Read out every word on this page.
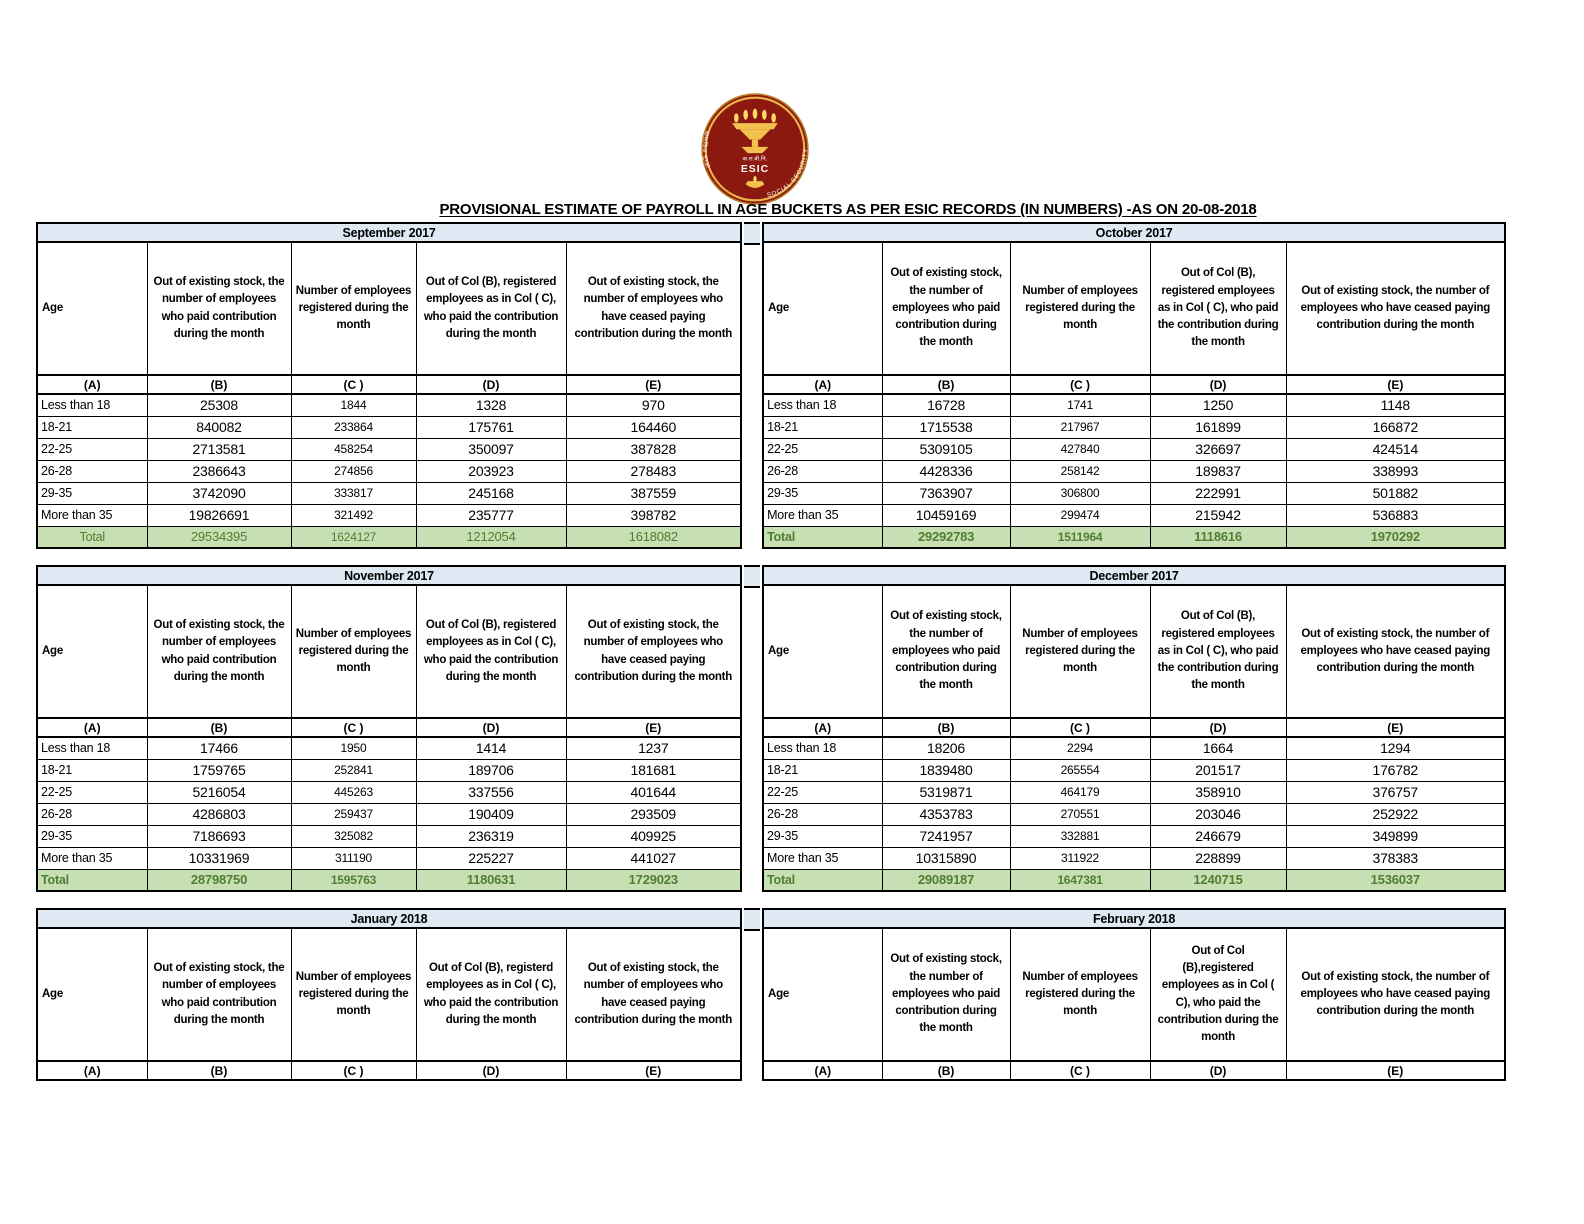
क.रा.बी.नि.
ESIC
SOCIAL SECURITY
सामाजिक सुरक्षा
PROVISIONAL ESTIMATE OF PAYROLL IN AGE BUCKETS AS PER ESIC RECORDS (IN NUMBERS) -AS ON 20-08-2018
September 2017				
Age	Out of existing stock, the number of employees who paid contribution during the month	Number of employees registered during the month	Out of Col (B), registered employees as in Col ( C), who paid the contribution during the month	Out of existing stock, the number of employees who have ceased paying contribution during the month
(A)	(B)	(C )	(D)	(E)
Less than 18	25308	1844	1328	970
18-21	840082	233864	175761	164460
22-25	2713581	458254	350097	387828
26-28	2386643	274856	203923	278483
29-35	3742090	333817	245168	387559
More than 35	19826691	321492	235777	398782
Total	29534395	1624127	1212054	1618082
October 2017				
Age	Out of existing stock, the number of employees who paid contribution during the month	Number of employees registered during the month	Out of Col (B), registered employees as in Col ( C), who paid the contribution during the month	Out of existing stock, the number of employees who have ceased paying contribution during the month
(A)	(B)	(C )	(D)	(E)
Less than 18	16728	1741	1250	1148
18-21	1715538	217967	161899	166872
22-25	5309105	427840	326697	424514
26-28	4428336	258142	189837	338993
29-35	7363907	306800	222991	501882
More than 35	10459169	299474	215942	536883
Total	29292783	1511964	1118616	1970292
November 2017				
Age	Out of existing stock, the number of employees who paid contribution during the month	Number of employees registered during the month	Out of Col (B), registered employees as in Col ( C), who paid the contribution during the month	Out of existing stock, the number of employees who have ceased paying contribution during the month
(A)	(B)	(C )	(D)	(E)
Less than 18	17466	1950	1414	1237
18-21	1759765	252841	189706	181681
22-25	5216054	445263	337556	401644
26-28	4286803	259437	190409	293509
29-35	7186693	325082	236319	409925
More than 35	10331969	311190	225227	441027
Total	28798750	1595763	1180631	1729023
December 2017				
Age	Out of existing stock, the number of employees who paid contribution during the month	Number of employees registered during the month	Out of Col (B), registered employees as in Col ( C), who paid the contribution during the month	Out of existing stock, the number of employees who have ceased paying contribution during the month
(A)	(B)	(C )	(D)	(E)
Less than 18	18206	2294	1664	1294
18-21	1839480	265554	201517	176782
22-25	5319871	464179	358910	376757
26-28	4353783	270551	203046	252922
29-35	7241957	332881	246679	349899
More than 35	10315890	311922	228899	378383
Total	29089187	1647381	1240715	1536037
January 2018				
Age	Out of existing stock, the number of employees who paid contribution during the month	Number of employees registered during the month	Out of Col (B), registerd employees as in Col ( C), who paid the contribution during the month	Out of existing stock, the number of employees who have ceased paying contribution during the month
(A)	(B)	(C )	(D)	(E)
February 2018				
Age	Out of existing stock, the number of employees who paid contribution during the month	Number of employees registered during the month	Out of Col (B),registered employees as in Col ( C), who paid the contribution during the month	Out of existing stock, the number of employees who have ceased paying contribution during the month
(A)	(B)	(C )	(D)	(E)
